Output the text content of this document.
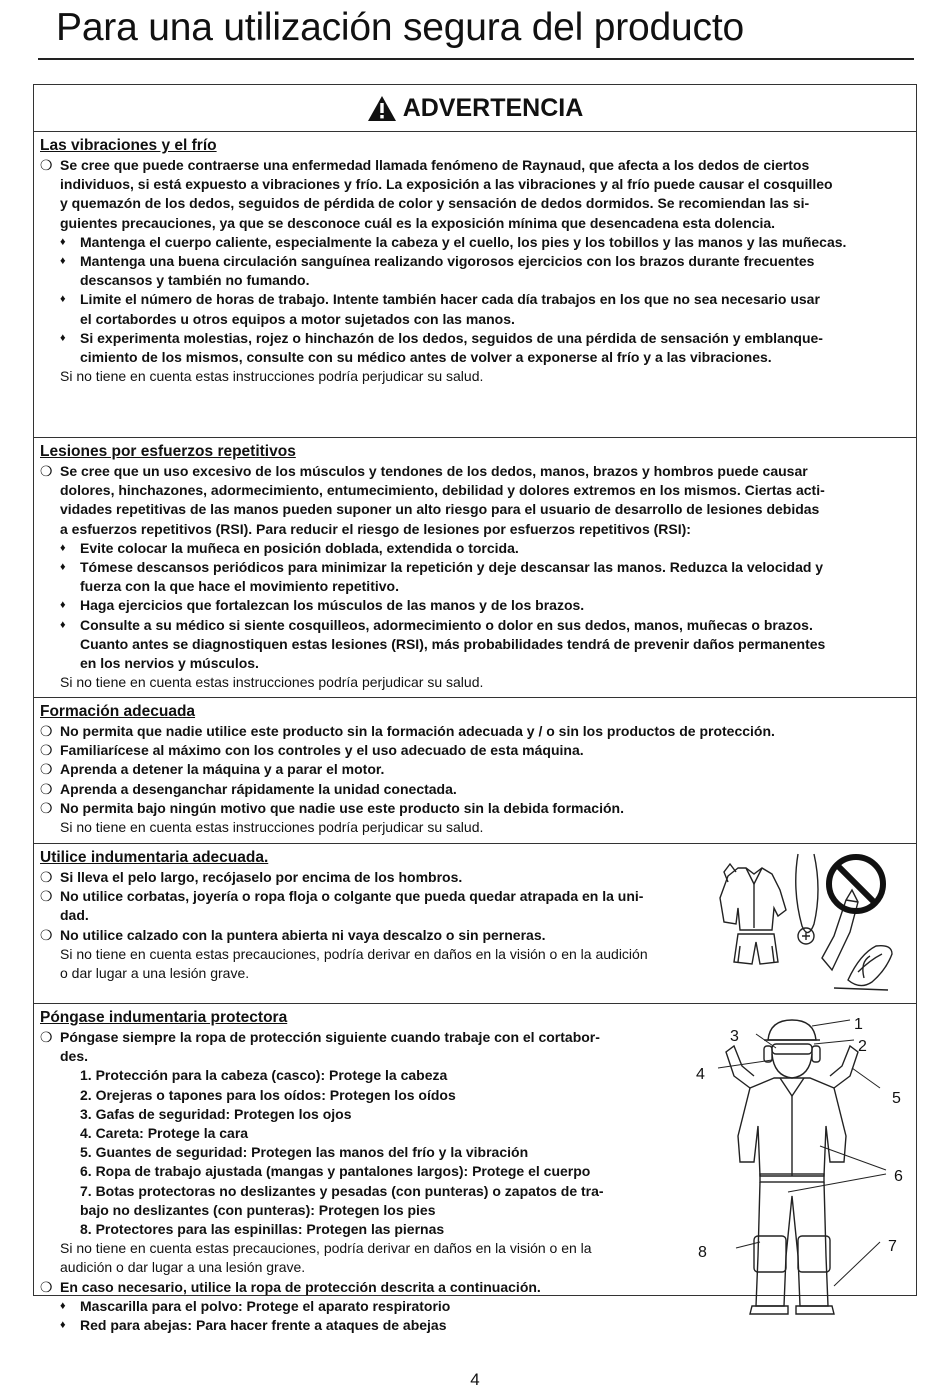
Para una utilización segura del producto
ADVERTENCIA
Las vibraciones y el frío
❍ Se cree que puede contraerse una enfermedad llamada fenómeno de Raynaud, que afecta a los dedos de ciertos
individuos, si está expuesto a vibraciones y frío. La exposición a las vibraciones y al frío puede causar el cosquilleo
y quemazón de los dedos, seguidos de pérdida de color y sensación de dedos dormidos. Se recomiendan las si-
guientes precauciones, ya que se desconoce cuál es la exposición mínima que desencadena esta dolencia.
♦ Mantenga el cuerpo caliente, especialmente la cabeza y el cuello, los pies y los tobillos y las manos y las muñecas.
♦ Mantenga una buena circulación sanguínea realizando vigorosos ejercicios con los brazos durante frecuentes
descansos y también no fumando.
♦ Limite el número de horas de trabajo. Intente también hacer cada día trabajos en los que no sea necesario usar
el cortabordes u otros equipos a motor sujetados con las manos.
♦ Si experimenta molestias, rojez o hinchazón de los dedos, seguidos de una pérdida de sensación y emblanque-
cimiento de los mismos, consulte con su médico antes de volver a exponerse al frío y a las vibraciones.
Si no tiene en cuenta estas instrucciones podría perjudicar su salud.
Lesiones por esfuerzos repetitivos
❍ Se cree que un uso excesivo de los músculos y tendones de los dedos, manos, brazos y hombros puede causar
dolores, hinchazones, adormecimiento, entumecimiento, debilidad y dolores extremos en los mismos. Ciertas acti-
vidades repetitivas de las manos pueden suponer un alto riesgo para el usuario de desarrollo de lesiones debidas
a esfuerzos repetitivos (RSI). Para reducir el riesgo de lesiones por esfuerzos repetitivos (RSI):
♦ Evite colocar la muñeca en posición doblada, extendida o torcida.
♦ Tómese descansos periódicos para minimizar la repetición y deje descansar las manos. Reduzca la velocidad y
fuerza con la que hace el movimiento repetitivo.
♦ Haga ejercicios que fortalezcan los músculos de las manos y de los brazos.
♦ Consulte a su médico si siente cosquilleos, adormecimiento o dolor en sus dedos, manos, muñecas o brazos.
Cuanto antes se diagnostiquen estas lesiones (RSI), más probabilidades tendrá de prevenir daños permanentes
en los nervios y músculos.
Si no tiene en cuenta estas instrucciones podría perjudicar su salud.
Formación adecuada
❍ No permita que nadie utilice este producto sin la formación adecuada y / o sin los productos de protección.
❍ Familiarícese al máximo con los controles y el uso adecuado de esta máquina.
❍ Aprenda a detener la máquina y a parar el motor.
❍ Aprenda a desenganchar rápidamente la unidad conectada.
❍ No permita bajo ningún motivo que nadie use este producto sin la debida formación.
Si no tiene en cuenta estas instrucciones podría perjudicar su salud.
Utilice indumentaria adecuada.
❍ Si lleva el pelo largo, recójaselo por encima de los hombros.
❍ No utilice corbatas, joyería o ropa floja o colgante que pueda quedar atrapada en la uni-
dad.
❍ No utilice calzado con la puntera abierta ni vaya descalzo o sin perneras.
Si no tiene en cuenta estas precauciones, podría derivar en daños en la visión o en la audición
o dar lugar a una lesión grave.
Póngase indumentaria protectora
❍ Póngase siempre la ropa de protección siguiente cuando trabaje con el cortabor-
des.
1. Protección para la cabeza (casco): Protege la cabeza
2. Orejeras o tapones para los oídos: Protegen los oídos
3. Gafas de seguridad: Protegen los ojos
4. Careta: Protege la cara
5. Guantes de seguridad: Protegen las manos del frío y la vibración
6. Ropa de trabajo ajustada (mangas y pantalones largos): Protege el cuerpo
7. Botas protectoras no deslizantes y pesadas (con punteras) o zapatos de tra-
bajo no deslizantes (con punteras): Protegen los pies
8. Protectores para las espinillas: Protegen las piernas
Si no tiene en cuenta estas precauciones, podría derivar en daños en la visión o en la
audición o dar lugar a una lesión grave.
❍ En caso necesario, utilice la ropa de protección descrita a continuación.
♦ Mascarilla para el polvo: Protege el aparato respiratorio
♦ Red para abejas: Para hacer frente a ataques de abejas
1
2
3
4
5
6
7
8
4
